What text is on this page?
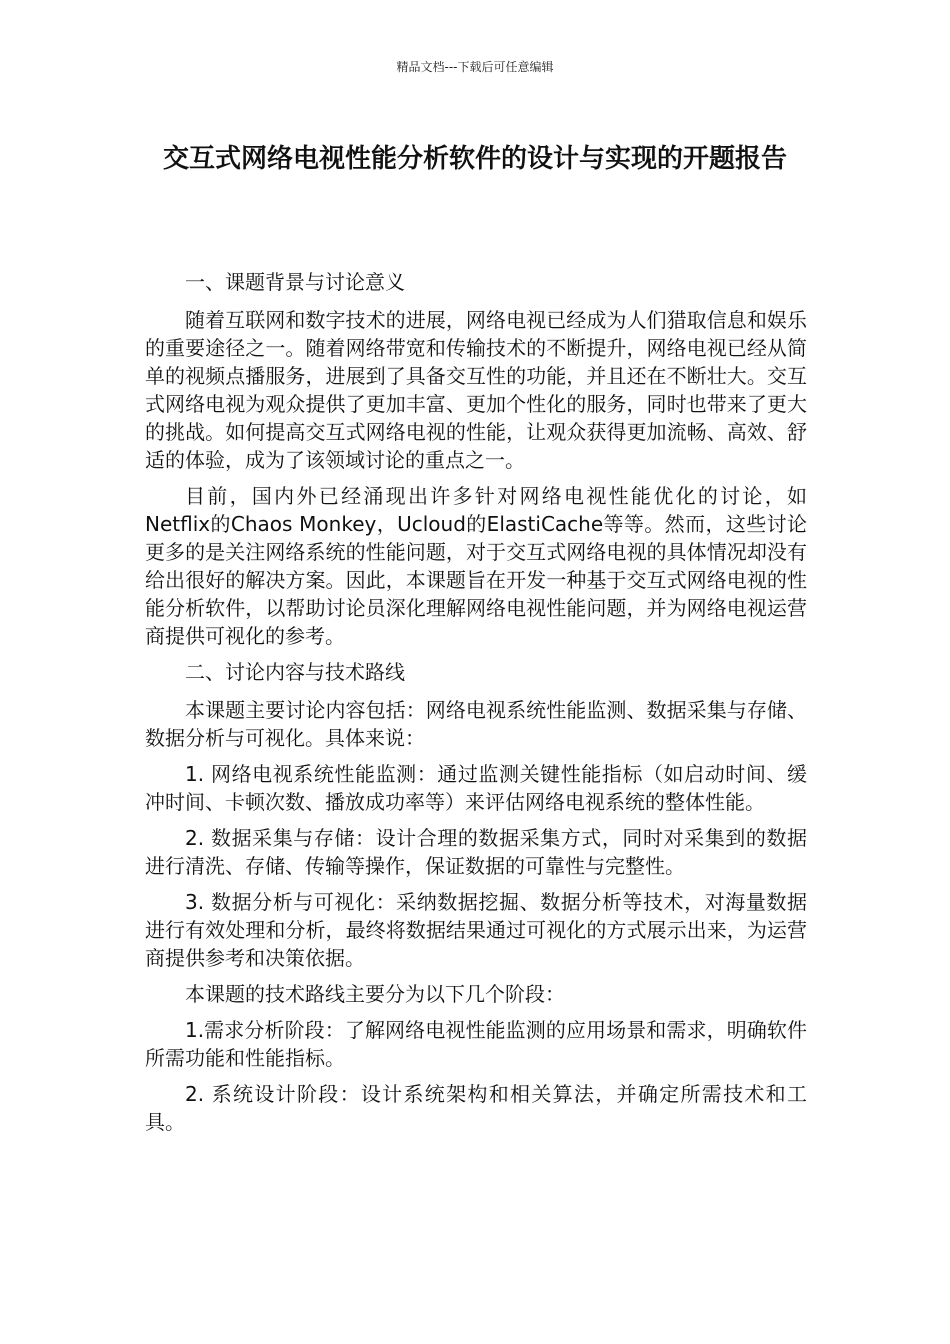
精品文档---下载后可任意编辑
交互式网络电视性能分析软件的设计与实现的开题报告

一、课题背景与讨论意义

随着互联网和数字技术的进展，网络电视已经成为人们猎取信息和娱乐的重要途径之一。随着网络带宽和传输技术的不断提升，网络电视已经从简单的视频点播服务，进展到了具备交互性的功能，并且还在不断壮大。交互式网络电视为观众提供了更加丰富、更加个性化的服务，同时也带来了更大的挑战。如何提高交互式网络电视的性能，让观众获得更加流畅、高效、舒适的体验，成为了该领域讨论的重点之一。

目前，国内外已经涌现出许多针对网络电视性能优化的讨论，如Netflix的Chaos Monkey，Ucloud的ElastiCache等等。然而，这些讨论更多的是关注网络系统的性能问题，对于交互式网络电视的具体情况却没有给出很好的解决方案。因此，本课题旨在开发一种基于交互式网络电视的性能分析软件，以帮助讨论员深化理解网络电视性能问题，并为网络电视运营商提供可视化的参考。

二、讨论内容与技术路线

本课题主要讨论内容包括：网络电视系统性能监测、数据采集与存储、数据分析与可视化。具体来说：

1. 网络电视系统性能监测：通过监测关键性能指标（如启动时间、缓冲时间、卡顿次数、播放成功率等）来评估网络电视系统的整体性能。

2. 数据采集与存储：设计合理的数据采集方式，同时对采集到的数据进行清洗、存储、传输等操作，保证数据的可靠性与完整性。

3. 数据分析与可视化：采纳数据挖掘、数据分析等技术，对海量数据进行有效处理和分析，最终将数据结果通过可视化的方式展示出来，为运营商提供参考和决策依据。

本课题的技术路线主要分为以下几个阶段：

1.需求分析阶段：了解网络电视性能监测的应用场景和需求，明确软件所需功能和性能指标。

2. 系统设计阶段：设计系统架构和相关算法，并确定所需技术和工具。
